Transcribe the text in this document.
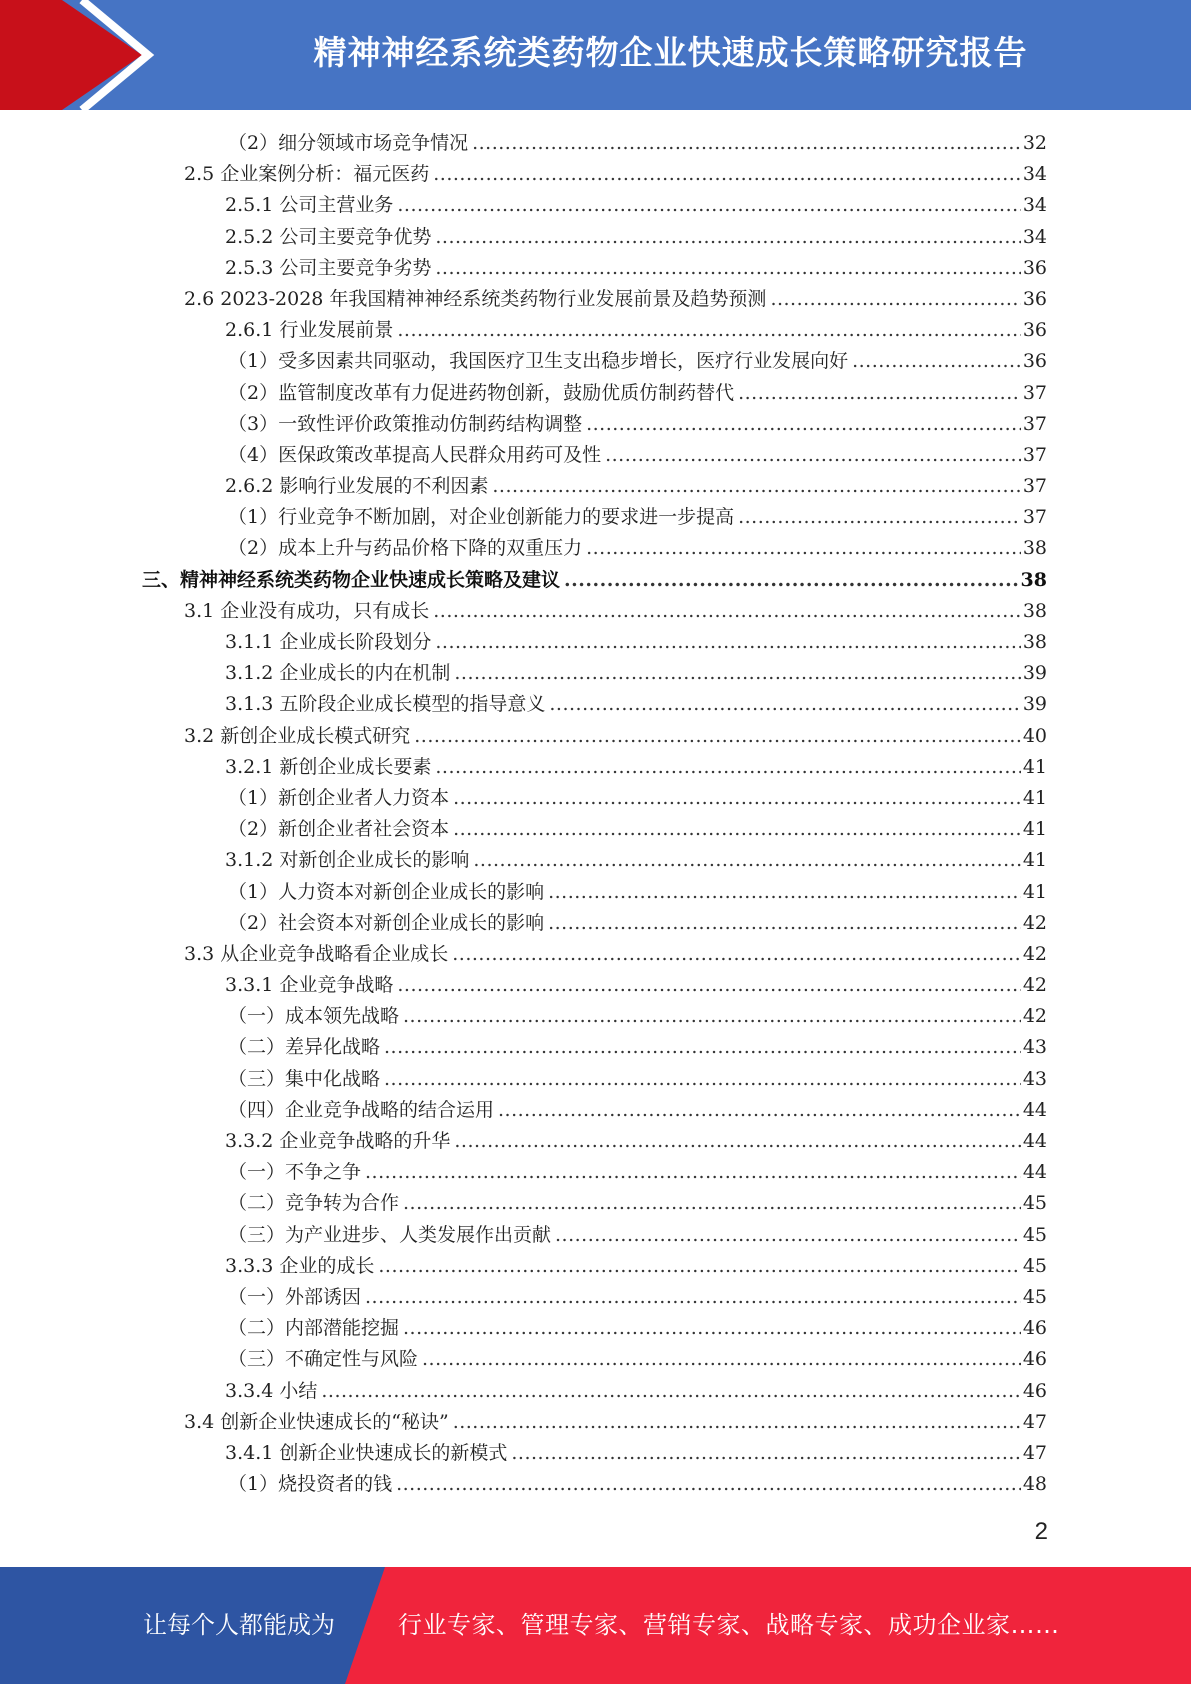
精神神经系统类药物企业快速成长策略研究报告
（2）细分领域市场竞争情况 .....	32
2.5 企业案例分析：福元医药 .....	34
2.5.1 公司主营业务 .....	34
2.5.2 公司主要竞争优势 .....	34
2.5.3 公司主要竞争劣势 .....	36
2.6 2023-2028 年我国精神神经系统类药物行业发展前景及趋势预测 .....	36
2.6.1 行业发展前景 .....	36
（1）受多因素共同驱动，我国医疗卫生支出稳步增长，医疗行业发展向好 .....	36
（2）监管制度改革有力促进药物创新，鼓励优质仿制药替代 .....	37
（3）一致性评价政策推动仿制药结构调整 .....	37
（4）医保政策改革提高人民群众用药可及性 .....	37
2.6.2 影响行业发展的不利因素 .....	37
（1）行业竞争不断加剧，对企业创新能力的要求进一步提高 .....	37
（2）成本上升与药品价格下降的双重压力 .....	38
三、精神神经系统类药物企业快速成长策略及建议 .....	38
3.1 企业没有成功，只有成长 .....	38
3.1.1 企业成长阶段划分 .....	38
3.1.2 企业成长的内在机制 .....	39
3.1.3 五阶段企业成长模型的指导意义 .....	39
3.2 新创企业成长模式研究 .....	40
3.2.1 新创企业成长要素 .....	41
（1）新创企业者人力资本 .....	41
（2）新创企业者社会资本 .....	41
3.1.2 对新创企业成长的影响 .....	41
（1）人力资本对新创企业成长的影响 .....	41
（2）社会资本对新创企业成长的影响 .....	42
3.3 从企业竞争战略看企业成长 .....	42
3.3.1 企业竞争战略 .....	42
（一）成本领先战略 .....	42
（二）差异化战略 .....	43
（三）集中化战略 .....	43
（四）企业竞争战略的结合运用 .....	44
3.3.2 企业竞争战略的升华 .....	44
（一）不争之争 .....	44
（二）竞争转为合作 .....	45
（三）为产业进步、人类发展作出贡献 .....	45
3.3.3 企业的成长 .....	45
（一）外部诱因 .....	45
（二）内部潜能挖掘 .....	46
（三）不确定性与风险 .....	46
3.3.4 小结 .....	46
3.4 创新企业快速成长的“秘诀” .....	47
3.4.1 创新企业快速成长的新模式 .....	47
（1）烧投资者的钱 .....	48
2
让每个人都能成为	行业专家、管理专家、营销专家、战略专家、成功企业家……
